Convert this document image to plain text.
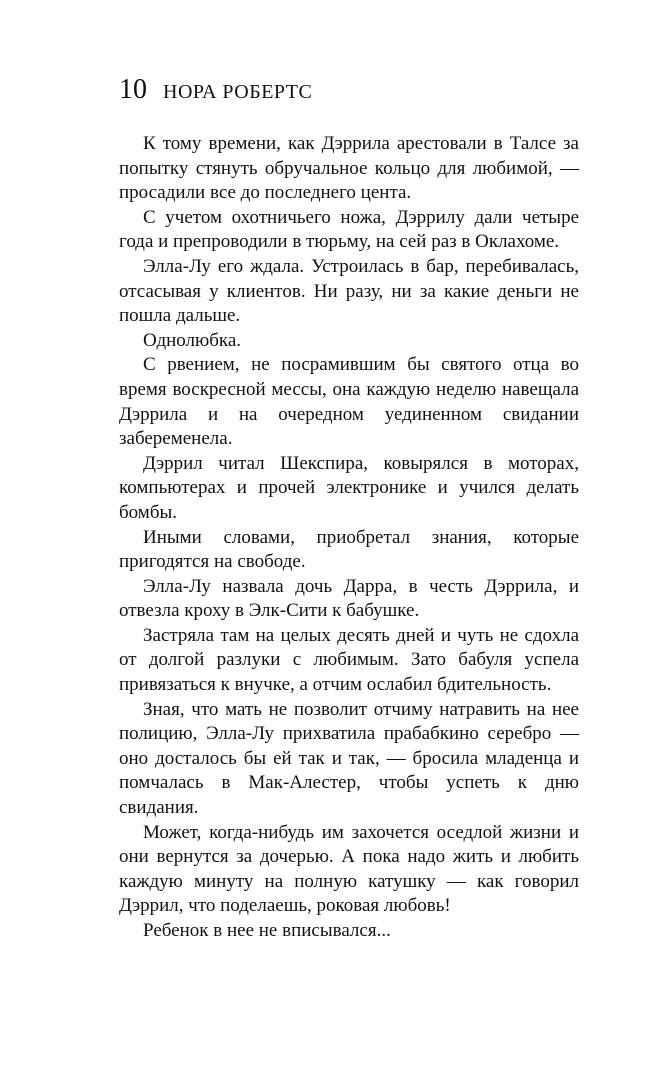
10 НОРА РОБЕРТС

К тому времени, как Дэррила арестовали в Талсе за попытку стянуть обручальное кольцо для любимой, — просадили все до последнего цента.

С учетом охотничьего ножа, Дэррилу дали четыре года и препроводили в тюрьму, на сей раз в Оклахоме.

Элла-Лу его ждала. Устроилась в бар, перебивалась, отсасывая у клиентов. Ни разу, ни за какие деньги не пошла дальше.

Однолюбка.

С рвением, не посрамившим бы святого отца во время воскресной мессы, она каждую неделю навещала Дэррила и на очередном уединенном свидании забеременела.

Дэррил читал Шекспира, ковырялся в моторах, компьютерах и прочей электронике и учился делать бомбы.

Иными словами, приобретал знания, которые пригодятся на свободе.

Элла-Лу назвала дочь Дарра, в честь Дэррила, и отвезла кроху в Элк-Сити к бабушке.

Застряла там на целых десять дней и чуть не сдохла от долгой разлуки с любимым. Зато бабуля успела привязаться к внучке, а отчим ослабил бдительность.

Зная, что мать не позволит отчиму натравить на нее полицию, Элла-Лу прихватила прабабкино серебро — оно досталось бы ей так и так, — бросила младенца и помчалась в Мак-Алестер, чтобы успеть к дню свидания.

Может, когда-нибудь им захочется оседлой жизни и они вернутся за дочерью. А пока надо жить и любить каждую минуту на полную катушку — как говорил Дэррил, что поделаешь, роковая любовь!

Ребенок в нее не вписывался...
